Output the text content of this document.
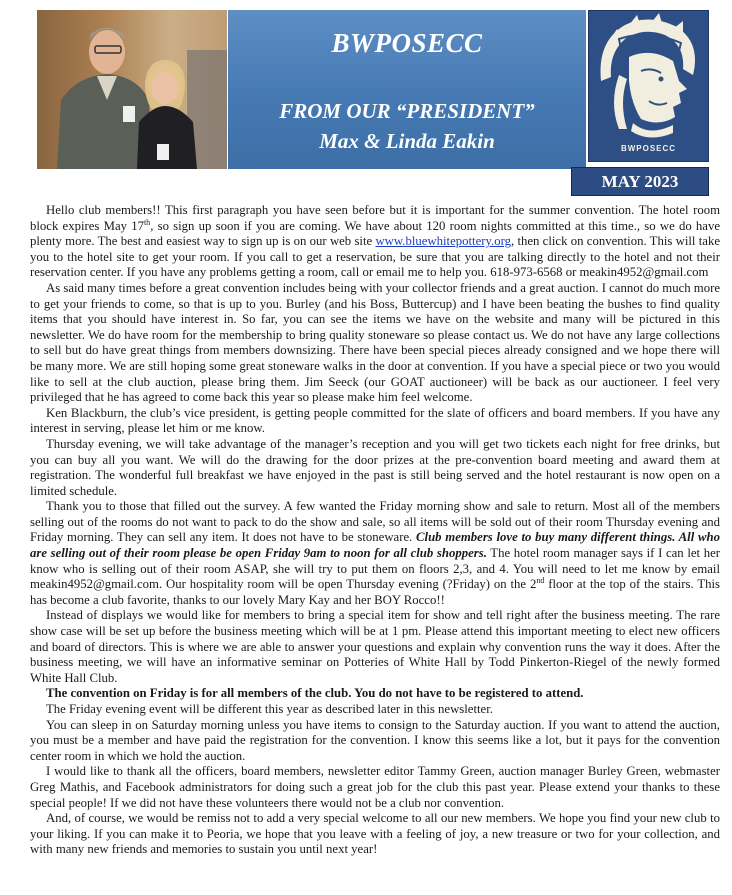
BWPOSECC
FROM OUR “PRESIDENT”
Max & Linda Eakin	BWPOSECC
MAY 2023

Hello club members!! This first paragraph you have seen before but it is important for the summer convention. The hotel room block expires May 17th, so sign up soon if you are coming. We have about 120 room nights committed at this time., so we do have plenty more. The best and easiest way to sign up is on our web site www.bluewhitepottery.org, then click on convention. This will take you to the hotel site to get your room. If you call to get a reservation, be sure that you are talking directly to the hotel and not their reservation center. If you have any problems getting a room, call or email me to help you. 618-973-6568 or meakin4952@gmail.com

As said many times before a great convention includes being with your collector friends and a great auction. I cannot do much more to get your friends to come, so that is up to you. Burley (and his Boss, Buttercup) and I have been beating the bushes to find quality items that you should have interest in. So far, you can see the items we have on the website and many will be pictured in this newsletter. We do have room for the membership to bring quality stoneware so please contact us. We do not have any large collections to sell but do have great things from members downsizing. There have been special pieces already consigned and we hope there will be many more. We are still hoping some great stoneware walks in the door at convention. If you have a special piece or two you would like to sell at the club auction, please bring them. Jim Seeck (our GOAT auctioneer) will be back as our auctioneer. I feel very privileged that he has agreed to come back this year so please make him feel welcome.

Ken Blackburn, the club’s vice president, is getting people committed for the slate of officers and board members. If you have any interest in serving, please let him or me know.

Thursday evening, we will take advantage of the manager’s reception and you will get two tickets each night for free drinks, but you can buy all you want. We will do the drawing for the door prizes at the pre-convention board meeting and award them at registration. The wonderful full breakfast we have enjoyed in the past is still being served and the hotel restaurant is now open on a limited schedule.

Thank you to those that filled out the survey. A few wanted the Friday morning show and sale to return. Most all of the members selling out of the rooms do not want to pack to do the show and sale, so all items will be sold out of their room Thursday evening and Friday morning. They can sell any item. It does not have to be stoneware. Club members love to buy many different things. All who are selling out of their room please be open Friday 9am to noon for all club shoppers. The hotel room manager says if I can let her know who is selling out of their room ASAP, she will try to put them on floors 2,3, and 4. You will need to let me know by email meakin4952@gmail.com. Our hospitality room will be open Thursday evening (?Friday) on the 2nd floor at the top of the stairs. This has become a club favorite, thanks to our lovely Mary Kay and her BOY Rocco!!

Instead of displays we would like for members to bring a special item for show and tell right after the business meeting. The rare show case will be set up before the business meeting which will be at 1 pm. Please attend this important meeting to elect new officers and board of directors. This is where we are able to answer your questions and explain why convention runs the way it does. After the business meeting, we will have an informative seminar on Potteries of White Hall by Todd Pinkerton-Riegel of the newly formed White Hall Club.

The convention on Friday is for all members of the club. You do not have to be registered to attend.

The Friday evening event will be different this year as described later in this newsletter.

You can sleep in on Saturday morning unless you have items to consign to the Saturday auction. If you want to attend the auction, you must be a member and have paid the registration for the convention. I know this seems like a lot, but it pays for the convention center room in which we hold the auction.

I would like to thank all the officers, board members, newsletter editor Tammy Green, auction manager Burley Green, webmaster Greg Mathis, and Facebook administrators for doing such a great job for the club this past year. Please extend your thanks to these special people! If we did not have these volunteers there would not be a club nor convention.

And, of course, we would be remiss not to add a very special welcome to all our new members. We hope you find your new club to your liking. If you can make it to Peoria, we hope that you leave with a feeling of joy, a new treasure or two for your collection, and with many new friends and memories to sustain you until next year!
